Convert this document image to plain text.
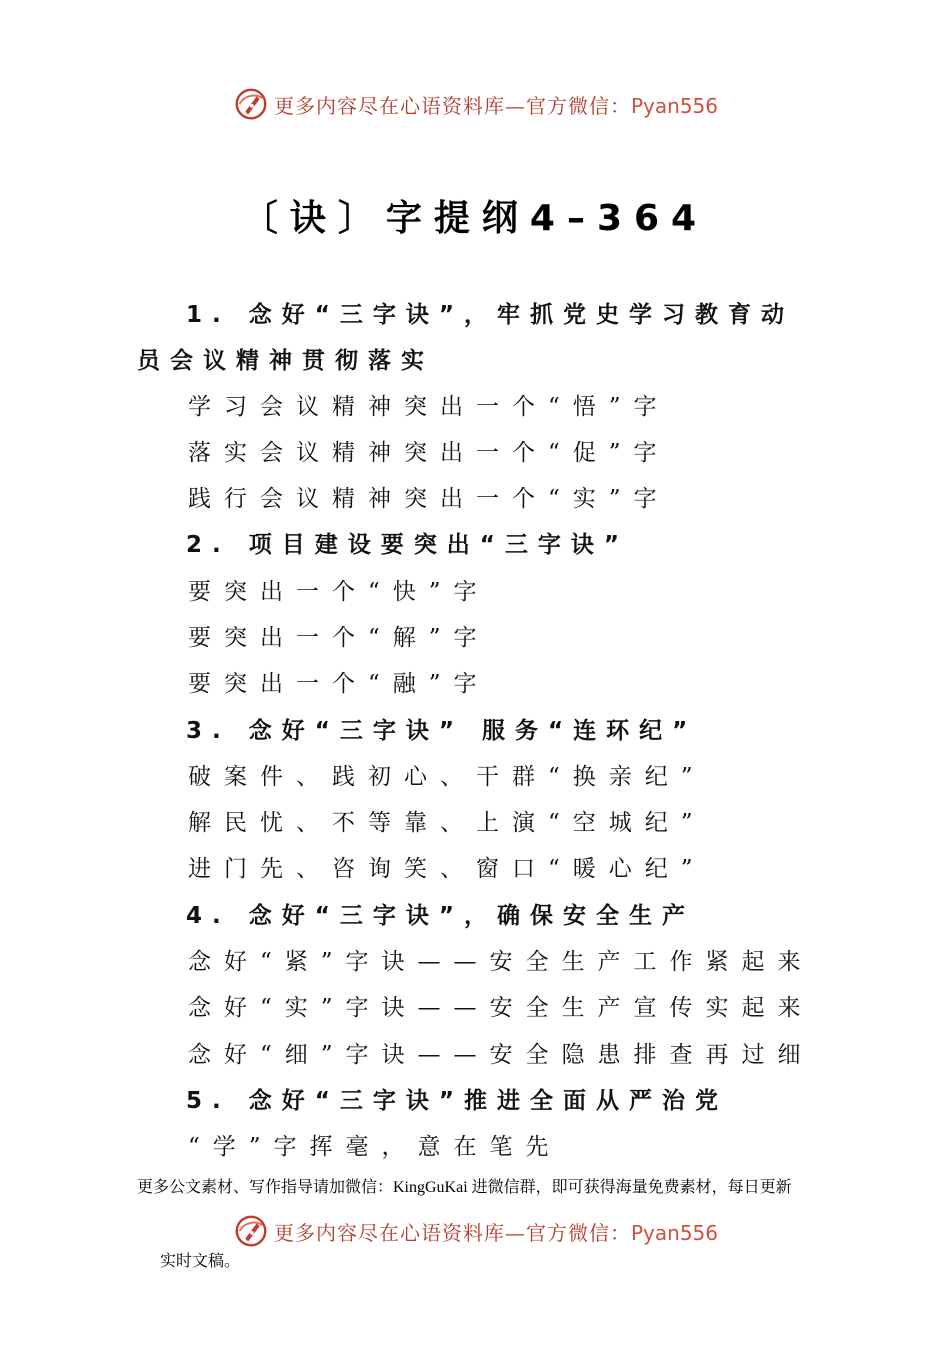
更多内容尽在心语资料库—官方微信：Pyan556
〔诀〕字提纲4–364
1. 念好“三字诀”，牢抓党史学习教育动
员会议精神贯彻落实
学习会议精神突出一个“悟”字
落实会议精神突出一个“促”字
践行会议精神突出一个“实”字
2. 项目建设要突出“三字诀”
要突出一个“快”字
要突出一个“解”字
要突出一个“融”字
3. 念好“三字诀” 服务“连环纪”
破案件、践初心、干群“换亲纪”
解民忧、不等靠、上演“空城纪”
进门先、咨询笑、窗口“暖心纪”
4. 念好“三字诀”，确保安全生产
念好“紧”字诀——安全生产工作紧起来
念好“实”字诀——安全生产宣传实起来
念好“细”字诀——安全隐患排查再过细
5. 念好“三字诀”推进全面从严治党
“学”字挥毫，意在笔先
更多公文素材、写作指导请加微信：KingGuKai 进微信群，即可获得海量免费素材，每日更新
更多内容尽在心语资料库—官方微信：Pyan556
实时文稿。
